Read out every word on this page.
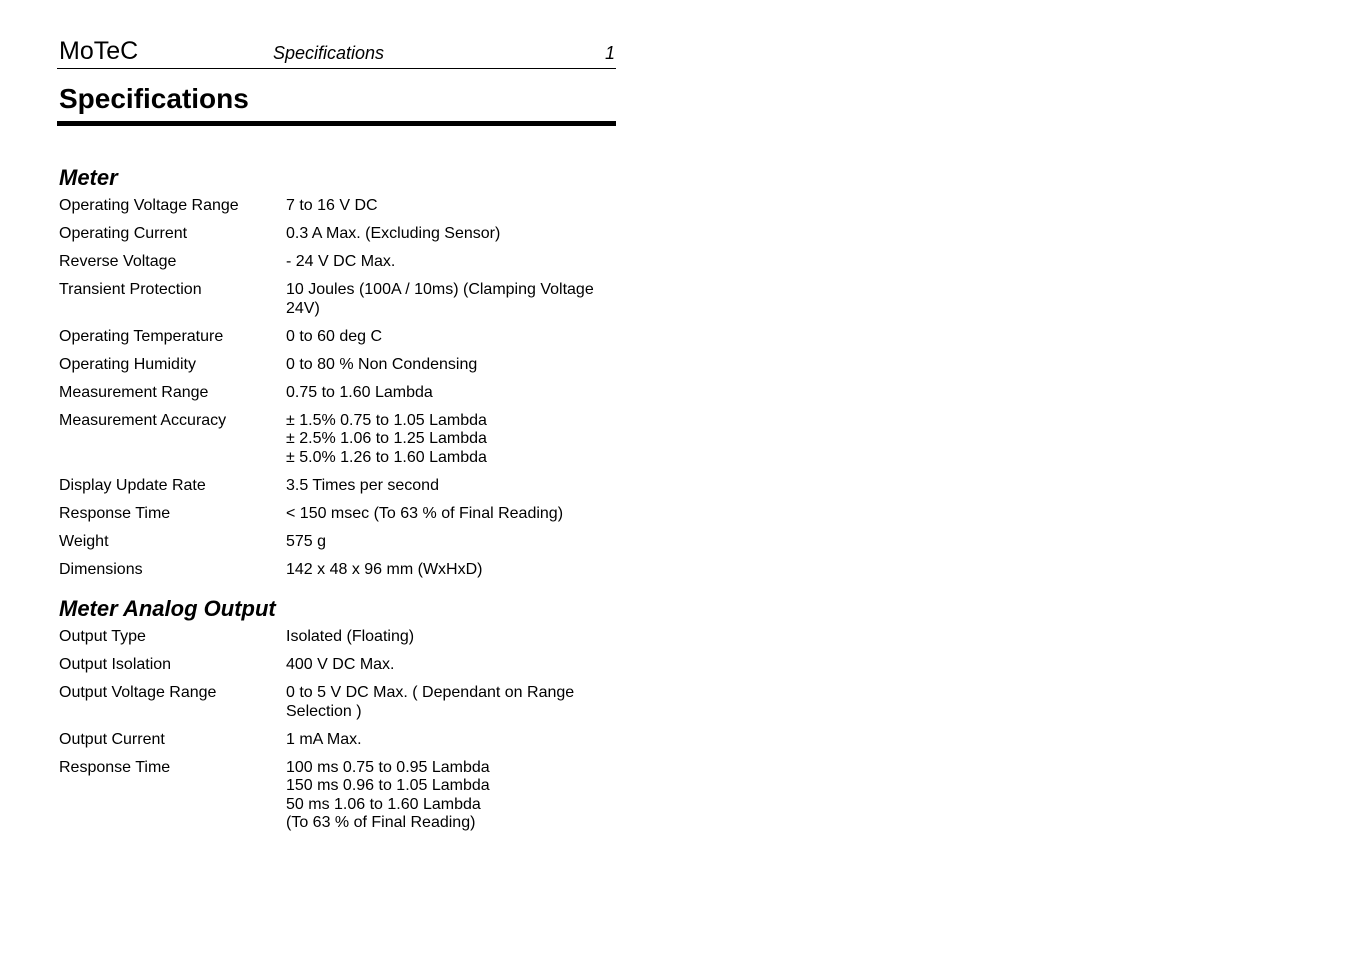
MoTeC	Specifications	1
Specifications
Meter
Operating Voltage Range	7 to 16 V DC
Operating Current	0.3 A Max. (Excluding Sensor)
Reverse Voltage	- 24 V DC Max.
Transient Protection	10 Joules (100A / 10ms) (Clamping Voltage
24V)
Operating Temperature	0 to 60 deg C
Operating Humidity	0 to 80 % Non Condensing
Measurement Range	0.75 to 1.60 Lambda
Measurement Accuracy	± 1.5% 0.75 to 1.05 Lambda
± 2.5% 1.06 to 1.25 Lambda
± 5.0% 1.26 to 1.60 Lambda
Display Update Rate	3.5 Times per second
Response Time	< 150 msec (To 63 % of Final Reading)
Weight	575 g
Dimensions	142 x 48 x 96 mm (WxHxD)
Meter Analog Output
Output Type	Isolated (Floating)
Output Isolation	400 V DC Max.
Output Voltage Range	0 to 5 V DC Max. ( Dependant on Range
Selection )
Output Current	1 mA Max.
Response Time	100 ms 0.75 to 0.95 Lambda
150 ms 0.96 to 1.05 Lambda
50 ms 1.06 to 1.60 Lambda
(To 63 % of Final Reading)
